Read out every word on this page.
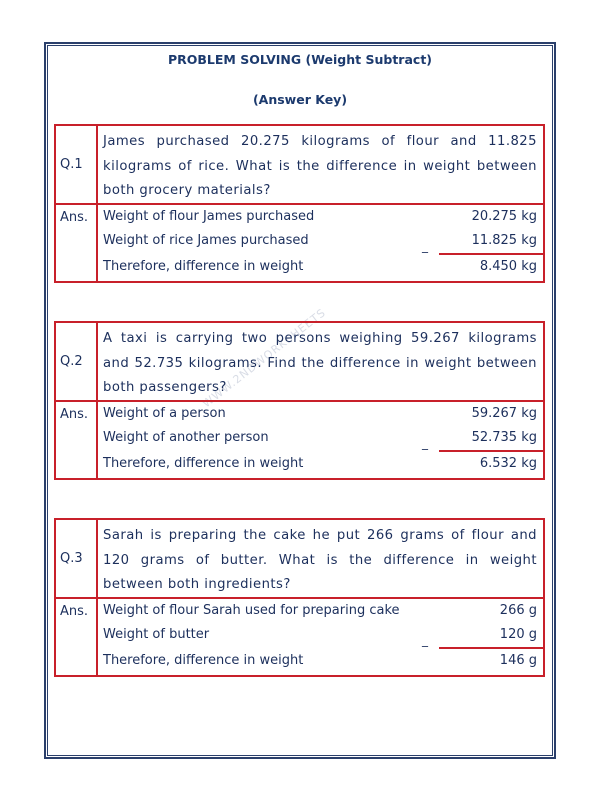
PROBLEM SOLVING (Weight Subtract)
(Answer Key)
WWW.2NDWORKSHEETS
Q.1
James purchased 20.275 kilograms of flour and 11.825 kilograms of rice. What is the difference in weight between both grocery materials?
Ans.	Weight of flour James purchased	20.275 kg
Weight of rice James purchased	11.825 kg
_
Therefore, difference in weight	8.450 kg
Q.2
A taxi is carrying two persons weighing 59.267 kilograms and 52.735 kilograms. Find the difference in weight between both passengers?
Ans.	Weight of a person	59.267 kg
Weight of another person	52.735 kg
_
Therefore, difference in weight	6.532 kg
Q.3
Sarah is preparing the cake he put 266 grams of flour and 120 grams of butter. What is the difference in weight between both ingredients?
Ans.	Weight of flour Sarah used for preparing cake	266 g
Weight of butter	120 g
_
Therefore, difference in weight	146 g
